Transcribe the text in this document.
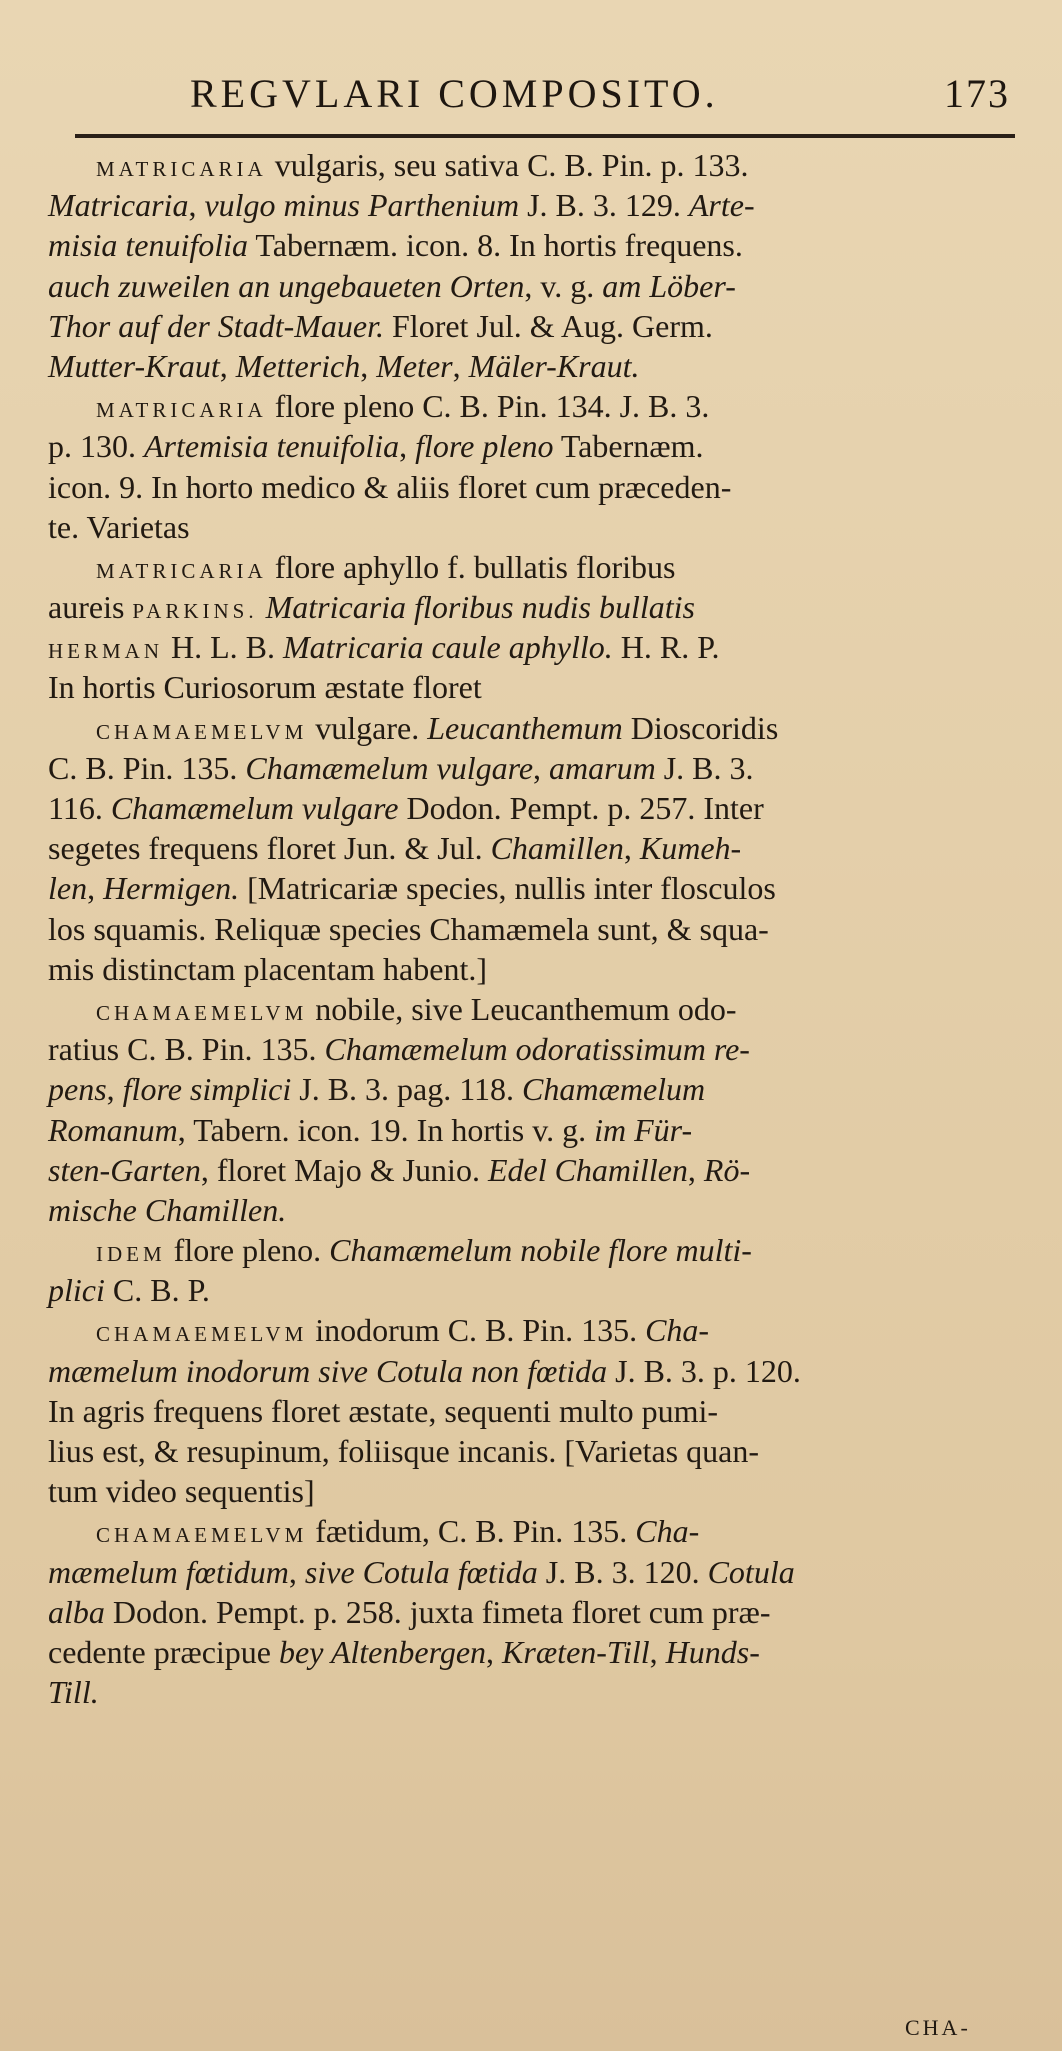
REGVLARI COMPOSITO.	173
MATRICARIA vulgaris, seu sativa C. B. Pin. p. 133.
Matricaria, vulgo minus Parthenium J. B. 3. 129. Arte-
misia tenuifolia Tabernæm. icon. 8. In hortis frequens.
auch zuweilen an ungebaueten Orten, v. g. am Löber-
Thor auf der Stadt-Mauer. Floret Jul. & Aug. Germ.
Mutter-Kraut, Metterich, Meter, Mäler-Kraut.
MATRICARIA flore pleno C. B. Pin. 134. J. B. 3.
p. 130. Artemisia tenuifolia, flore pleno Tabernæm.
icon. 9. In horto medico & aliis floret cum præceden-
te. Varietas
MATRICARIA flore aphyllo f. bullatis floribus
aureis PARKINS. Matricaria floribus nudis bullatis
HERMAN H. L. B. Matricaria caule aphyllo. H. R. P.
In hortis Curiosorum æstate floret
CHAMAEMELVM vulgare. Leucanthemum Dioscoridis
C. B. Pin. 135. Chamæmelum vulgare, amarum J. B. 3.
116. Chamæmelum vulgare Dodon. Pempt. p. 257. Inter
segetes frequens floret Jun. & Jul. Chamillen, Kumeh-
len, Hermigen. [Matricariæ species, nullis inter flosculos
los squamis. Reliquæ species Chamæmela sunt, & squa-
mis distinctam placentam habent.]
CHAMAEMELVM nobile, sive Leucanthemum odo-
ratius C. B. Pin. 135. Chamæmelum odoratissimum re-
pens, flore simplici J. B. 3. pag. 118. Chamæmelum
Romanum, Tabern. icon. 19. In hortis v. g. im Für-
sten-Garten, floret Majo & Junio. Edel Chamillen, Rö-
mische Chamillen.
IDEM flore pleno. Chamæmelum nobile flore multi-
plici C. B. P.
CHAMAEMELVM inodorum C. B. Pin. 135. Cha-
mæmelum inodorum sive Cotula non fœtida J. B. 3. p. 120.
In agris frequens floret æstate, sequenti multo pumi-
lius est, & resupinum, foliisque incanis. [Varietas quan-
tum video sequentis]
CHAMAEMELVM fætidum, C. B. Pin. 135. Cha-
mæmelum fœtidum, sive Cotula fœtida J. B. 3. 120. Cotula
alba Dodon. Pempt. p. 258. juxta fimeta floret cum præ-
cedente præcipue bey Altenbergen, Kræten-Till, Hunds-
Till.
CHA-
